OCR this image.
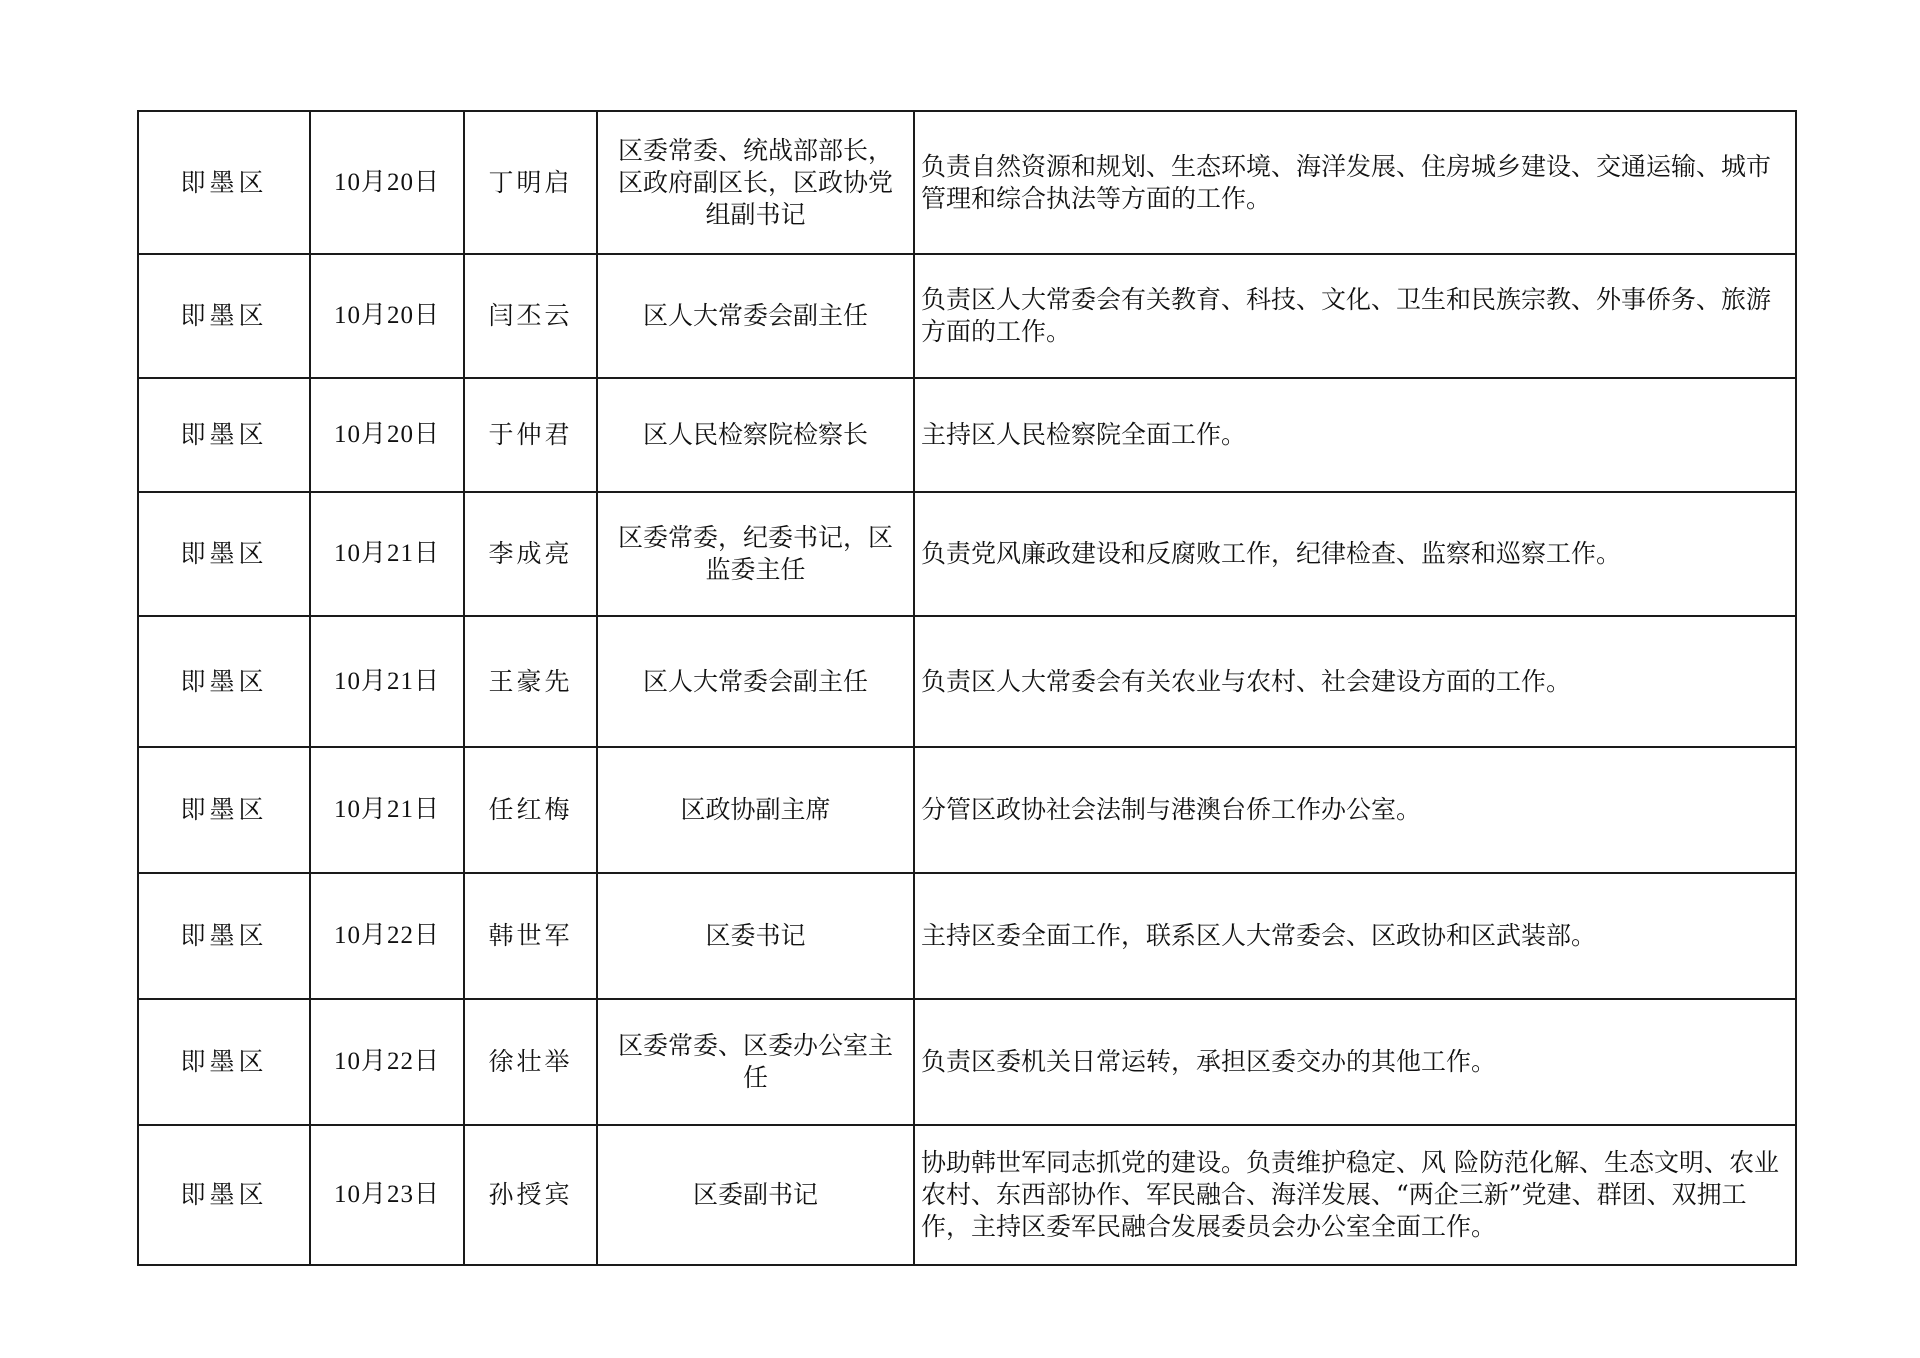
即墨区	10月20日	丁明启	区委常委、统战部部长，区政府副区长，区政协党组副书记	负责自然资源和规划、生态环境、海洋发展、住房城乡建设、交通运输、城市管理和综合执法等方面的工作。
即墨区	10月20日	闫丕云	区人大常委会副主任	负责区人大常委会有关教育、科技、文化、卫生和民族宗教、外事侨务、旅游方面的工作。
即墨区	10月20日	于仲君	区人民检察院检察长	主持区人民检察院全面工作。
即墨区	10月21日	李成亮	区委常委，纪委书记，区监委主任	负责党风廉政建设和反腐败工作，纪律检查、监察和巡察工作。
即墨区	10月21日	王豪先	区人大常委会副主任	负责区人大常委会有关农业与农村、社会建设方面的工作。
即墨区	10月21日	任红梅	区政协副主席	分管区政协社会法制与港澳台侨工作办公室。
即墨区	10月22日	韩世军	区委书记	主持区委全面工作，联系区人大常委会、区政协和区武装部。
即墨区	10月22日	徐壮举	区委常委、区委办公室主任	负责区委机关日常运转，承担区委交办的其他工作。
即墨区	10月23日	孙授宾	区委副书记	协助韩世军同志抓党的建设。负责维护稳定、风 险防范化解、生态文明、农业农村、东西部协作、军民融合、海洋发展、“两企三新”党建、群团、双拥工作，主持区委军民融合发展委员会办公室全面工作。
